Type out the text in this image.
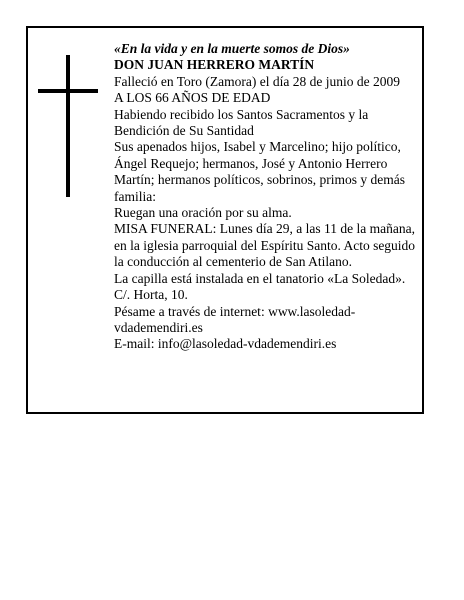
«En la vida y en la muerte somos de Dios»

DON JUAN HERRERO MARTÍN

Falleció en Toro (Zamora) el día 28 de junio de 2009

A LOS 66 AÑOS DE EDAD

Habiendo recibido los Santos Sacramentos y la Bendición de Su Santidad

Sus apenados hijos, Isabel y Marcelino; hijo político, Ángel Requejo; hermanos, José y Antonio Herrero Martín; hermanos políticos, sobrinos, primos y demás familia:

Ruegan una oración por su alma.

MISA FUNERAL: Lunes día 29, a las 11 de la mañana, en la iglesia parroquial del Espíritu Santo. Acto seguido la conducción al cementerio de San Atilano.

La capilla está instalada en el tanatorio «La Soledad».

C/. Horta, 10.

Pésame a través de internet: www.lasoledad-vdademendiri.es

E-mail: info@lasoledad-vdademendiri.es
